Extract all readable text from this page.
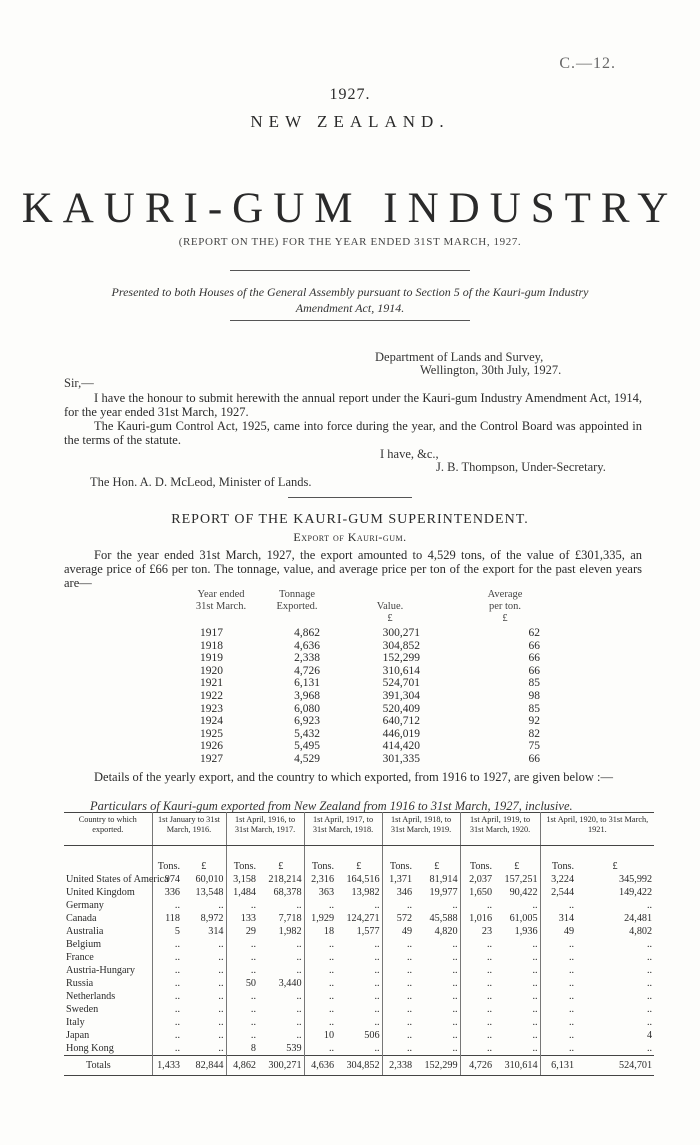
C.—12.
1927.
NEW ZEALAND.
KAURI-GUM INDUSTRY
(REPORT ON THE) FOR THE YEAR ENDED 31ST MARCH, 1927.
Presented to both Houses of the General Assembly pursuant to Section 5 of the Kauri-gum Industry
Amendment Act, 1914.
Department of Lands and Survey,
Wellington, 30th July, 1927.
Sir,—

I have the honour to submit herewith the annual report under the Kauri-gum Industry Amendment Act, 1914, for the year ended 31st March, 1927.

The Kauri-gum Control Act, 1925, came into force during the year, and the Control Board was appointed in the terms of the statute.

I have, &c.,
J. B. Thompson, Under-Secretary.
The Hon. A. D. McLeod, Minister of Lands.
REPORT OF THE KAURI-GUM SUPERINTENDENT.
Export of Kauri-gum.

For the year ended 31st March, 1927, the export amounted to 4,529 tons, of the value of £301,335, an average price of £66 per ton. The tonnage, value, and average price per ton of the export for the past eleven years are—

Year ended
31st March.
Tonnage
Exported.	Value.
£
Average
per ton.
£
1917	4,862	300,271	62
1918	4,636	304,852	66
1919	2,338	152,299	66
1920	4,726	310,614	66
1921	6,131	524,701	85
1922	3,968	391,304	98
1923	6,080	520,409	85
1924	6,923	640,712	92
1925	5,432	446,019	82
1926	5,495	414,420	75
1927	4,529	301,335	66

Details of the yearly export, and the country to which exported, from 1916 to 1927, are given below :—

Particulars of Kauri-gum exported from New Zealand from 1916 to 31st March, 1927, inclusive.
Country to which exported.	1st January to 31st March, 1916.		1st April, 1916, to 31st March, 1917.		1st April, 1917, to 31st March, 1918.		1st April, 1918, to 31st March, 1919.		1st April, 1919, to 31st March, 1920.		1st April, 1920, to 31st March, 1921.	
	Tons.	£	Tons.	£	Tons.	£	Tons.	£	Tons.	£	Tons.	£
United States of America	974	60,010	3,158	218,214	2,316	164,516	1,371	81,914	2,037	157,251	3,224	345,992
United Kingdom	336	13,548	1,484	68,378	363	13,982	346	19,977	1,650	90,422	2,544	149,422
Germany	..	..	..	..	..	..	..	..	..	..	..	..
Canada	118	8,972	133	7,718	1,929	124,271	572	45,588	1,016	61,005	314	24,481
Australia	5	314	29	1,982	18	1,577	49	4,820	23	1,936	49	4,802
Belgium	..	..	..	..	..	..	..	..	..	..	..	..
France	..	..	..	..	..	..	..	..	..	..	..	..
Austria-Hungary	..	..	..	..	..	..	..	..	..	..	..	..
Russia	..	..	50	3,440	..	..	..	..	..	..	..	..
Netherlands	..	..	..	..	..	..	..	..	..	..	..	..
Sweden	..	..	..	..	..	..	..	..	..	..	..	..
Italy	..	..	..	..	..	..	..	..	..	..	..	..
Japan	..	..	..	..	10	506	..	..	..	..	..	4
Hong Kong	..	..	8	539	..	..	..	..	..	..	..	..
Totals	1,433	82,844	4,862	300,271	4,636	304,852	2,338	152,299	4,726	310,614	6,131	524,701
